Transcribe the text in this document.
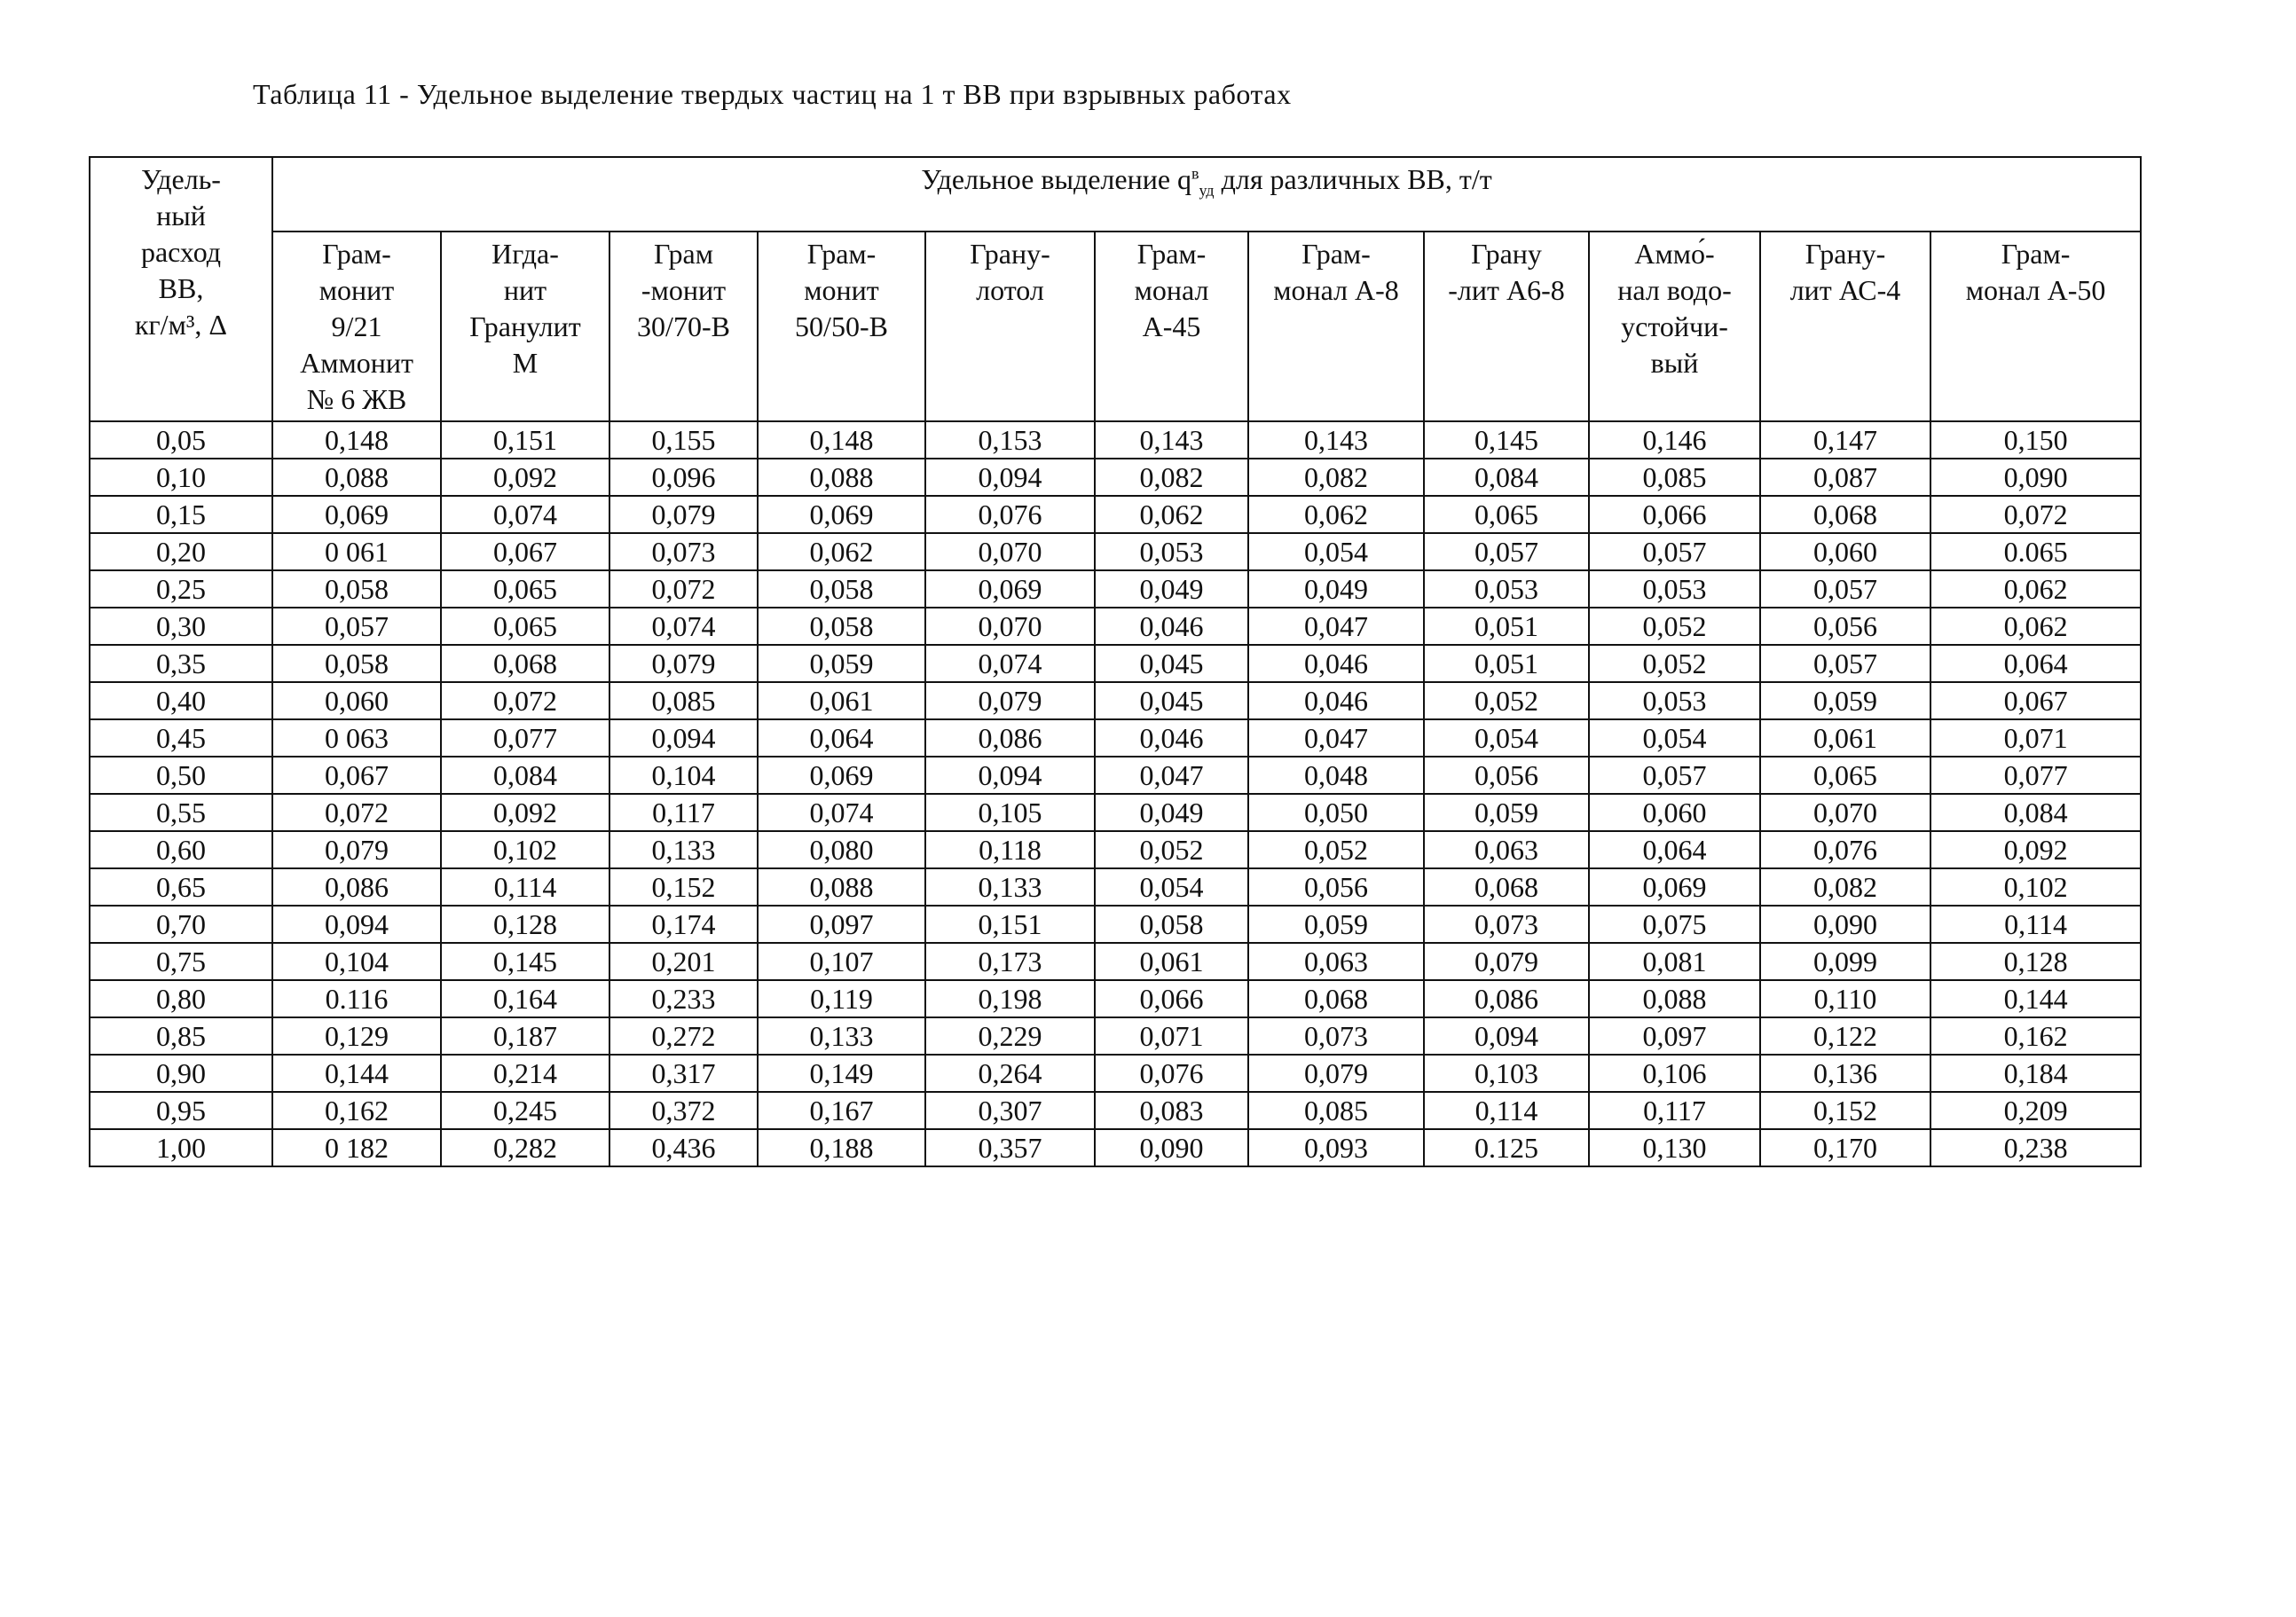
Таблица 11 - Удельное выделение твердых частиц на 1 т ВВ при взрывных работах
Удель-
ный
расход
ВВ,
кг/м³, Δ	Удельное выделение $q^в_{уд}$ для различных ВВ, т/т										

	Грам-
монит
9/21
Аммонит
№ 6 ЖВ	Игда-
нит
Гранулит
М	Грам
-монит
30/70-В	Грам-
монит
50/50-В	Грану-
лотол	Грам-
монал
А-45	Грам-
монал А-8	Грану
-лит А6-8	Аммо́-
нал водо-
устойчи-
вый	Грану-
лит АС-4	Грам-
монал А-50

0,05	0,148	0,151	0,155	0,148	0,153	0,143	0,143	0,145	0,146	0,147	0,150
0,10	0,088	0,092	0,096	0,088	0,094	0,082	0,082	0,084	0,085	0,087	0,090
0,15	0,069	0,074	0,079	0,069	0,076	0,062	0,062	0,065	0,066	0,068	0,072
0,20	0 061	0,067	0,073	0,062	0,070	0,053	0,054	0,057	0,057	0,060	0.065
0,25	0,058	0,065	0,072	0,058	0,069	0,049	0,049	0,053	0,053	0,057	0,062
0,30	0,057	0,065	0,074	0,058	0,070	0,046	0,047	0,051	0,052	0,056	0,062
0,35	0,058	0,068	0,079	0,059	0,074	0,045	0,046	0,051	0,052	0,057	0,064
0,40	0,060	0,072	0,085	0,061	0,079	0,045	0,046	0,052	0,053	0,059	0,067
0,45	0 063	0,077	0,094	0,064	0,086	0,046	0,047	0,054	0,054	0,061	0,071
0,50	0,067	0,084	0,104	0,069	0,094	0,047	0,048	0,056	0,057	0,065	0,077
0,55	0,072	0,092	0,117	0,074	0,105	0,049	0,050	0,059	0,060	0,070	0,084
0,60	0,079	0,102	0,133	0,080	0,118	0,052	0,052	0,063	0,064	0,076	0,092
0,65	0,086	0,114	0,152	0,088	0,133	0,054	0,056	0,068	0,069	0,082	0,102
0,70	0,094	0,128	0,174	0,097	0,151	0,058	0,059	0,073	0,075	0,090	0,114
0,75	0,104	0,145	0,201	0,107	0,173	0,061	0,063	0,079	0,081	0,099	0,128
0,80	0.116	0,164	0,233	0,119	0,198	0,066	0,068	0,086	0,088	0,110	0,144
0,85	0,129	0,187	0,272	0,133	0,229	0,071	0,073	0,094	0,097	0,122	0,162
0,90	0,144	0,214	0,317	0,149	0,264	0,076	0,079	0,103	0,106	0,136	0,184
0,95	0,162	0,245	0,372	0,167	0,307	0,083	0,085	0,114	0,117	0,152	0,209
1,00	0 182	0,282	0,436	0,188	0,357	0,090	0,093	0.125	0,130	0,170	0,238
